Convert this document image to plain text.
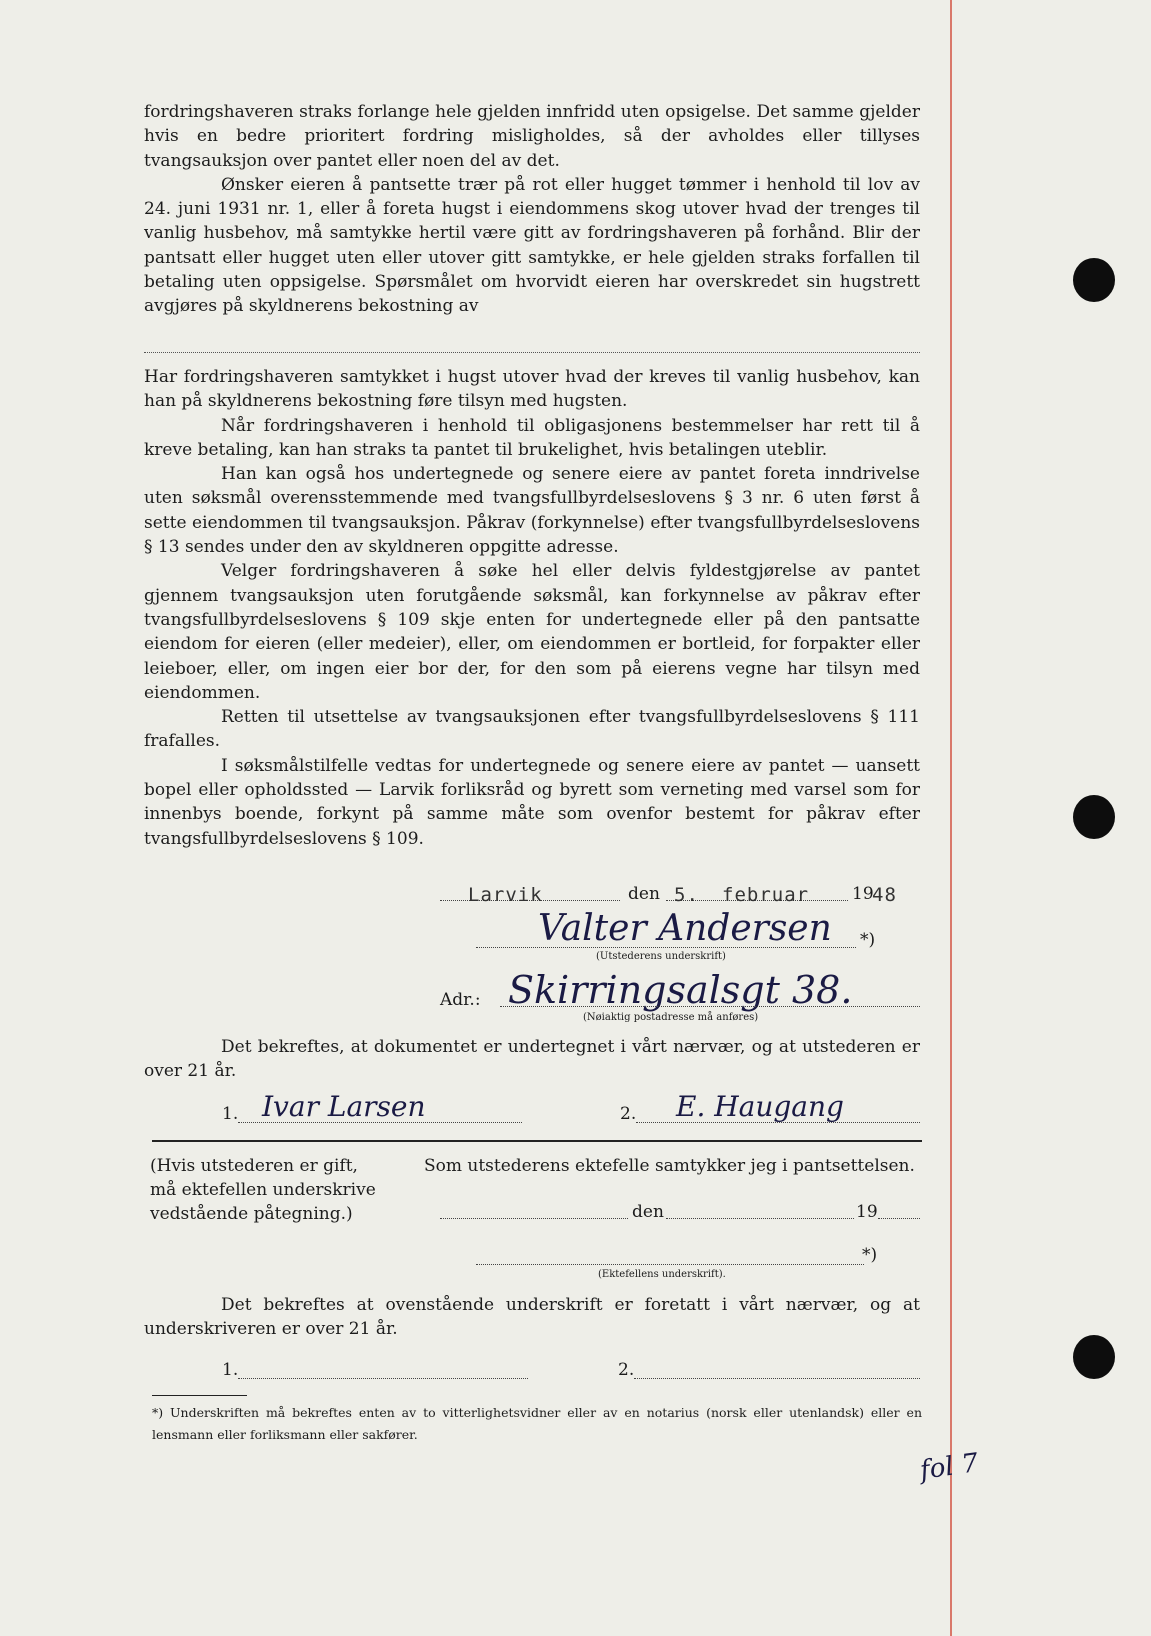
fordringshaveren straks forlange hele gjelden innfridd uten opsigelse. Det samme gjelder hvis en bedre prioritert fordring misligholdes, så der avholdes eller tillyses tvangsauksjon over pantet eller noen del av det.

Ønsker eieren å pantsette trær på rot eller hugget tømmer i henhold til lov av 24. juni 1931 nr. 1, eller å foreta hugst i eiendommens skog utover hvad der trenges til vanlig husbehov, må samtykke hertil være gitt av fordringshaveren på forhånd. Blir der pantsatt eller hugget uten eller utover gitt samtykke, er hele gjelden straks forfallen til betaling uten oppsigelse. Spørsmålet om hvorvidt eieren har overskredet sin hugstrett avgjøres på skyldnerens bekostning av

Har fordringshaveren samtykket i hugst utover hvad der kreves til vanlig husbehov, kan han på skyldnerens bekostning føre tilsyn med hugsten.

Når fordringshaveren i henhold til obligasjonens bestemmelser har rett til å kreve betaling, kan han straks ta pantet til brukelighet, hvis betalingen uteblir.

Han kan også hos undertegnede og senere eiere av pantet foreta inndrivelse uten søksmål overensstemmende med tvangsfullbyrdelseslovens § 3 nr. 6 uten først å sette eiendommen til tvangsauksjon. Påkrav (forkynnelse) efter tvangsfullbyrdelseslovens § 13 sendes under den av skyldneren oppgitte adresse.

Velger fordringshaveren å søke hel eller delvis fyldestgjørelse av pantet gjennem tvangsauksjon uten forutgående søksmål, kan forkynnelse av påkrav efter tvangsfullbyrdelseslovens § 109 skje enten for undertegnede eller på den pantsatte eiendom for eieren (eller medeier), eller, om eiendommen er bortleid, for forpakter eller leieboer, eller, om ingen eier bor der, for den som på eierens vegne har tilsyn med eiendommen.

Retten til utsettelse av tvangsauksjonen efter tvangsfullbyrdelseslovens § 111 frafalles.

I søksmålstilfelle vedtas for undertegnede og senere eiere av pantet — uansett bopel eller opholdssted — Larvik forliksråd og byrett som verneting med varsel som for innenbys boende, forkynt på samme måte som ovenfor bestemt for påkrav efter tvangsfullbyrdelseslovens § 109.

Larvik	den 5. februar	19
48
Valter Andersen *)
(Utstederens underskrift)
Adr.: Skirringsalsgt 38.
(Nøiaktig postadresse må anføres)

Det bekreftes, at dokumentet er undertegnet i vårt nærvær, og at utstederen er over 21 år.

1. Ivar Larsen	2. E. Haugang
(Hvis utstederen er gift,
må ektefellen underskrive
vedstående påtegning.)
Som utstederens ektefelle samtykker jeg i pantsettelsen.
den	19
*)
(Ektefellens underskrift).

Det bekreftes at ovenstående underskrift er foretatt i vårt nærvær, og at underskriveren er over 21 år.

1.	2.
*) Underskriften må bekreftes enten av to vitterlighetsvidner eller av en notarius (norsk eller utenlandsk) eller en lensmann eller forliksmann eller sakfører.
fol 7
